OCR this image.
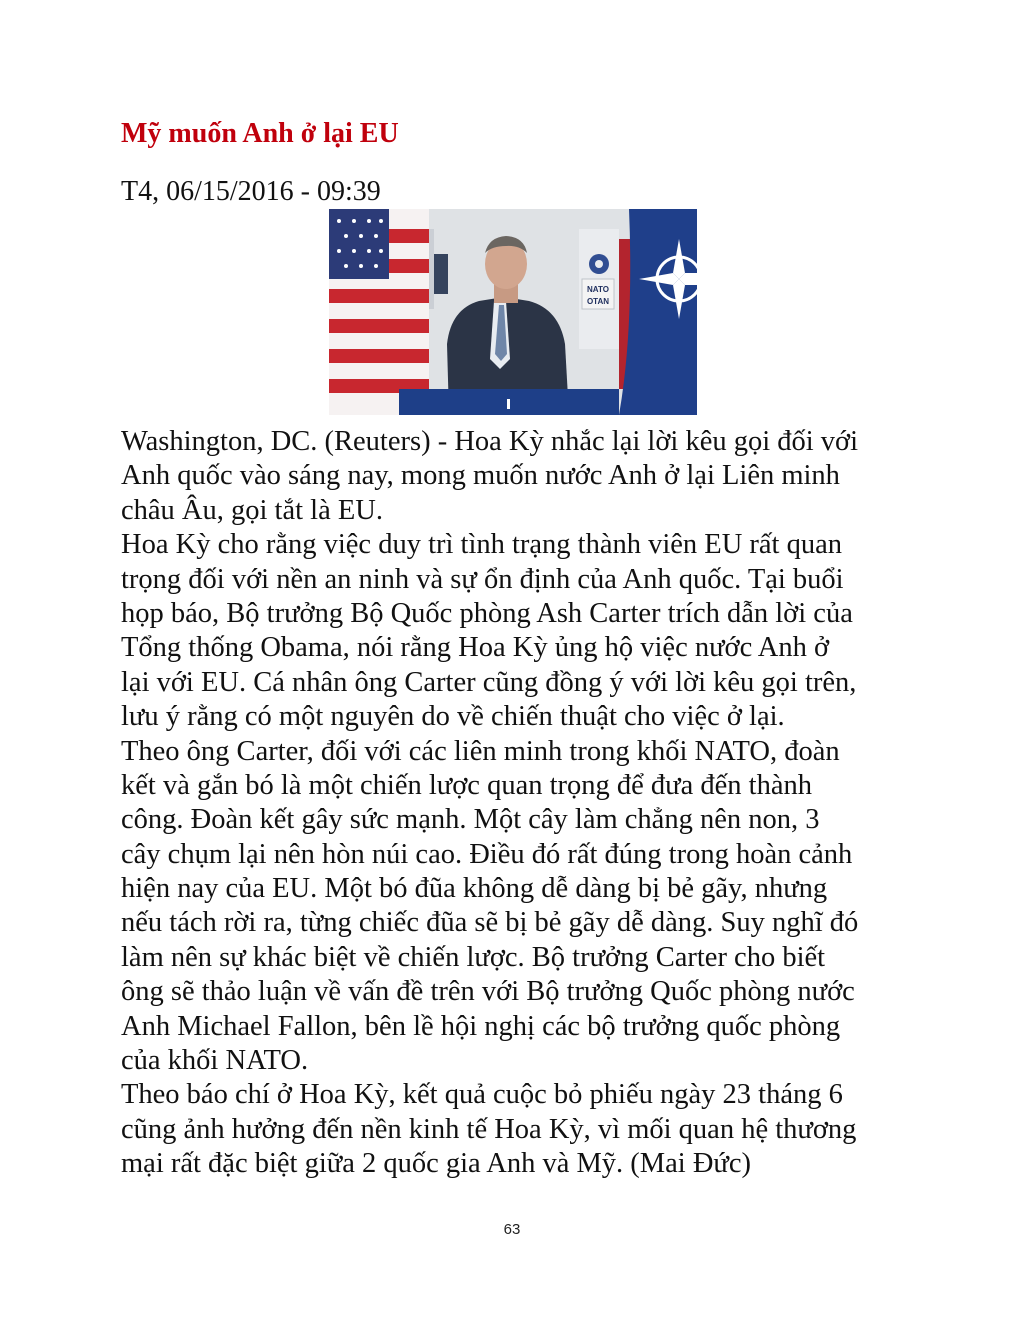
Mỹ muốn Anh ở lại EU
T4, 06/15/2016 - 09:39
NATO
OTAN
Washington, DC. (Reuters) - Hoa Kỳ nhắc lại lời kêu gọi đối với
Anh quốc vào sáng nay, mong muốn nước Anh ở lại Liên minh
châu Âu, gọi tắt là EU.
Hoa Kỳ cho rằng việc duy trì tình trạng thành viên EU rất quan
trọng đối với nền an ninh và sự ổn định của Anh quốc. Tại buổi
họp báo, Bộ trưởng Bộ Quốc phòng Ash Carter trích dẫn lời của
Tổng thống Obama, nói rằng Hoa Kỳ ủng hộ việc nước Anh ở
lại với EU. Cá nhân ông Carter cũng đồng ý với lời kêu gọi trên,
lưu ý rằng có một nguyên do về chiến thuật cho việc ở lại.
Theo ông Carter, đối với các liên minh trong khối NATO, đoàn
kết và gắn bó là một chiến lược quan trọng để đưa đến thành
công. Đoàn kết gây sức mạnh. Một cây làm chẳng nên non, 3
cây chụm lại nên hòn núi cao. Điều đó rất đúng trong hoàn cảnh
hiện nay của EU. Một bó đũa không dễ dàng bị bẻ gãy, nhưng
nếu tách rời ra, từng chiếc đũa sẽ bị bẻ gãy dễ dàng. Suy nghĩ đó
làm nên sự khác biệt về chiến lược. Bộ trưởng Carter cho biết
ông sẽ thảo luận về vấn đề trên với Bộ trưởng Quốc phòng nước
Anh Michael Fallon, bên lề hội nghị các bộ trưởng quốc phòng
của khối NATO.
Theo báo chí ở Hoa Kỳ, kết quả cuộc bỏ phiếu ngày 23 tháng 6
cũng ảnh hưởng đến nền kinh tế Hoa Kỳ, vì mối quan hệ thương
mại rất đặc biệt giữa 2 quốc gia Anh và Mỹ. (Mai Đức)
63
